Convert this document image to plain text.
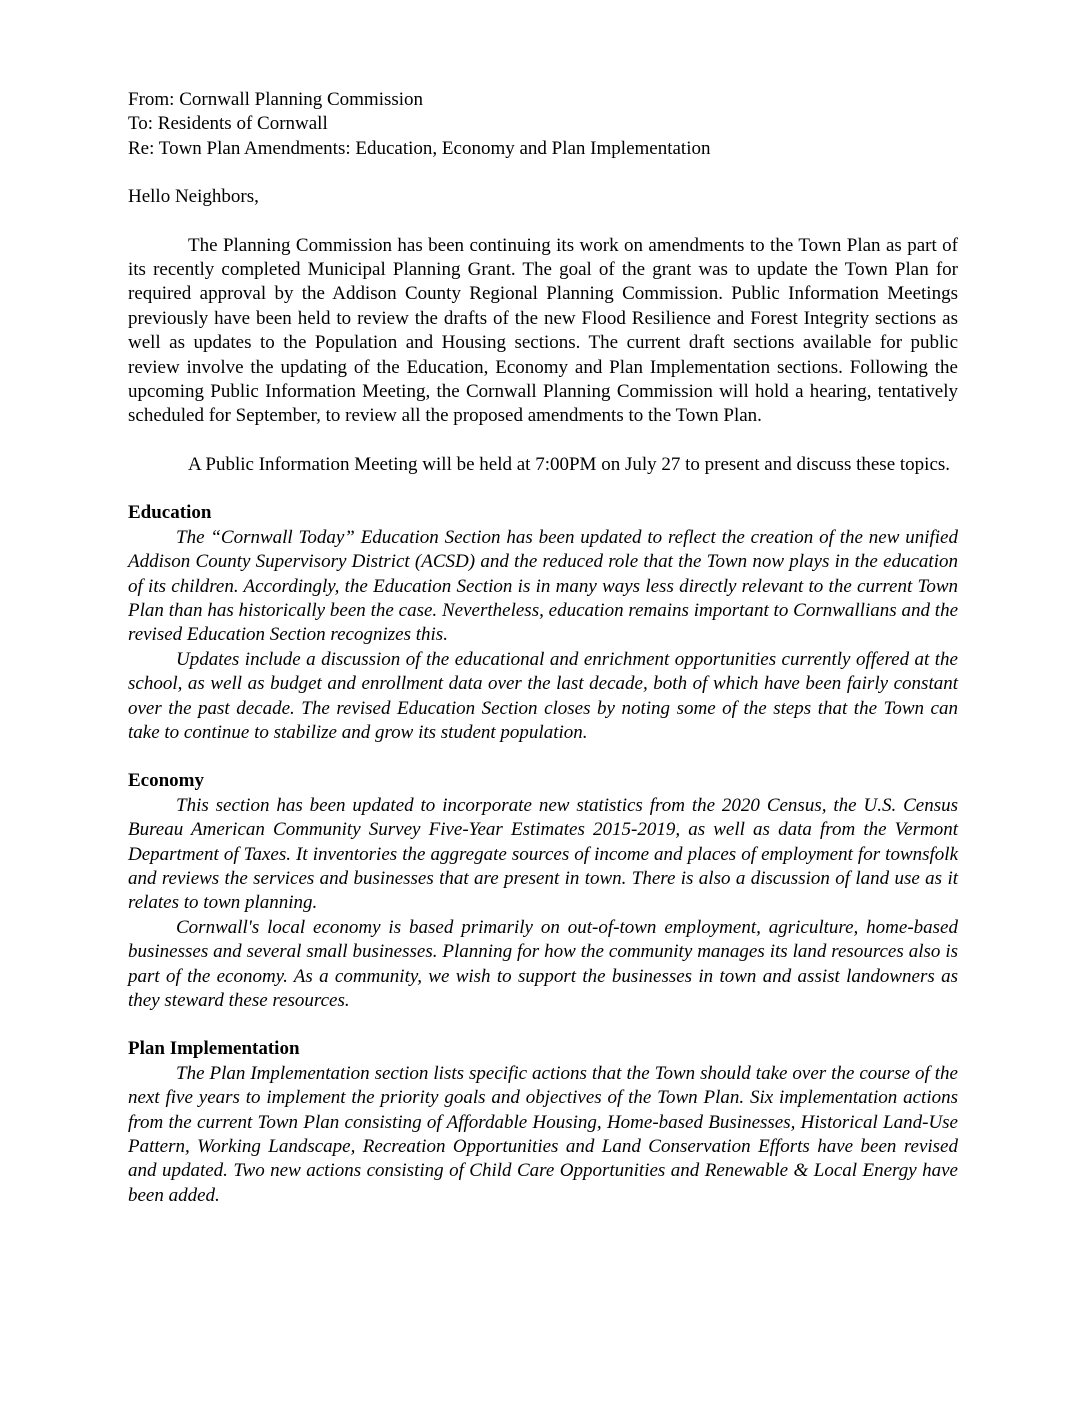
From: Cornwall Planning Commission
To: Residents of Cornwall
Re: Town Plan Amendments: Education, Economy and Plan Implementation
Hello Neighbors,
The Planning Commission has been continuing its work on amendments to the Town Plan as part of its recently completed Municipal Planning Grant. The goal of the grant was to update the Town Plan for required approval by the Addison County Regional Planning Commission. Public Information Meetings previously have been held to review the drafts of the new Flood Resilience and Forest Integrity sections as well as updates to the Population and Housing sections. The current draft sections available for public review involve the updating of the Education, Economy and Plan Implementation sections. Following the upcoming Public Information Meeting, the Cornwall Planning Commission will hold a hearing, tentatively scheduled for September, to review all the proposed amendments to the Town Plan.
A Public Information Meeting will be held at 7:00PM on July 27 to present and discuss these topics.
Education
The “Cornwall Today” Education Section has been updated to reflect the creation of the new unified Addison County Supervisory District (ACSD) and the reduced role that the Town now plays in the education of its children. Accordingly, the Education Section is in many ways less directly relevant to the current Town Plan than has historically been the case. Nevertheless, education remains important to Cornwallians and the revised Education Section recognizes this.
Updates include a discussion of the educational and enrichment opportunities currently offered at the school, as well as budget and enrollment data over the last decade, both of which have been fairly constant over the past decade. The revised Education Section closes by noting some of the steps that the Town can take to continue to stabilize and grow its student population.
Economy
This section has been updated to incorporate new statistics from the 2020 Census, the U.S. Census Bureau American Community Survey Five-Year Estimates 2015-2019, as well as data from the Vermont Department of Taxes. It inventories the aggregate sources of income and places of employment for townsfolk and reviews the services and businesses that are present in town. There is also a discussion of land use as it relates to town planning.
Cornwall's local economy is based primarily on out-of-town employment, agriculture, home-based businesses and several small businesses. Planning for how the community manages its land resources also is part of the economy. As a community, we wish to support the businesses in town and assist landowners as they steward these resources.
Plan Implementation
The Plan Implementation section lists specific actions that the Town should take over the course of the next five years to implement the priority goals and objectives of the Town Plan. Six implementation actions from the current Town Plan consisting of Affordable Housing, Home-based Businesses, Historical Land-Use Pattern, Working Landscape, Recreation Opportunities and Land Conservation Efforts have been revised and updated. Two new actions consisting of Child Care Opportunities and Renewable & Local Energy have been added.
